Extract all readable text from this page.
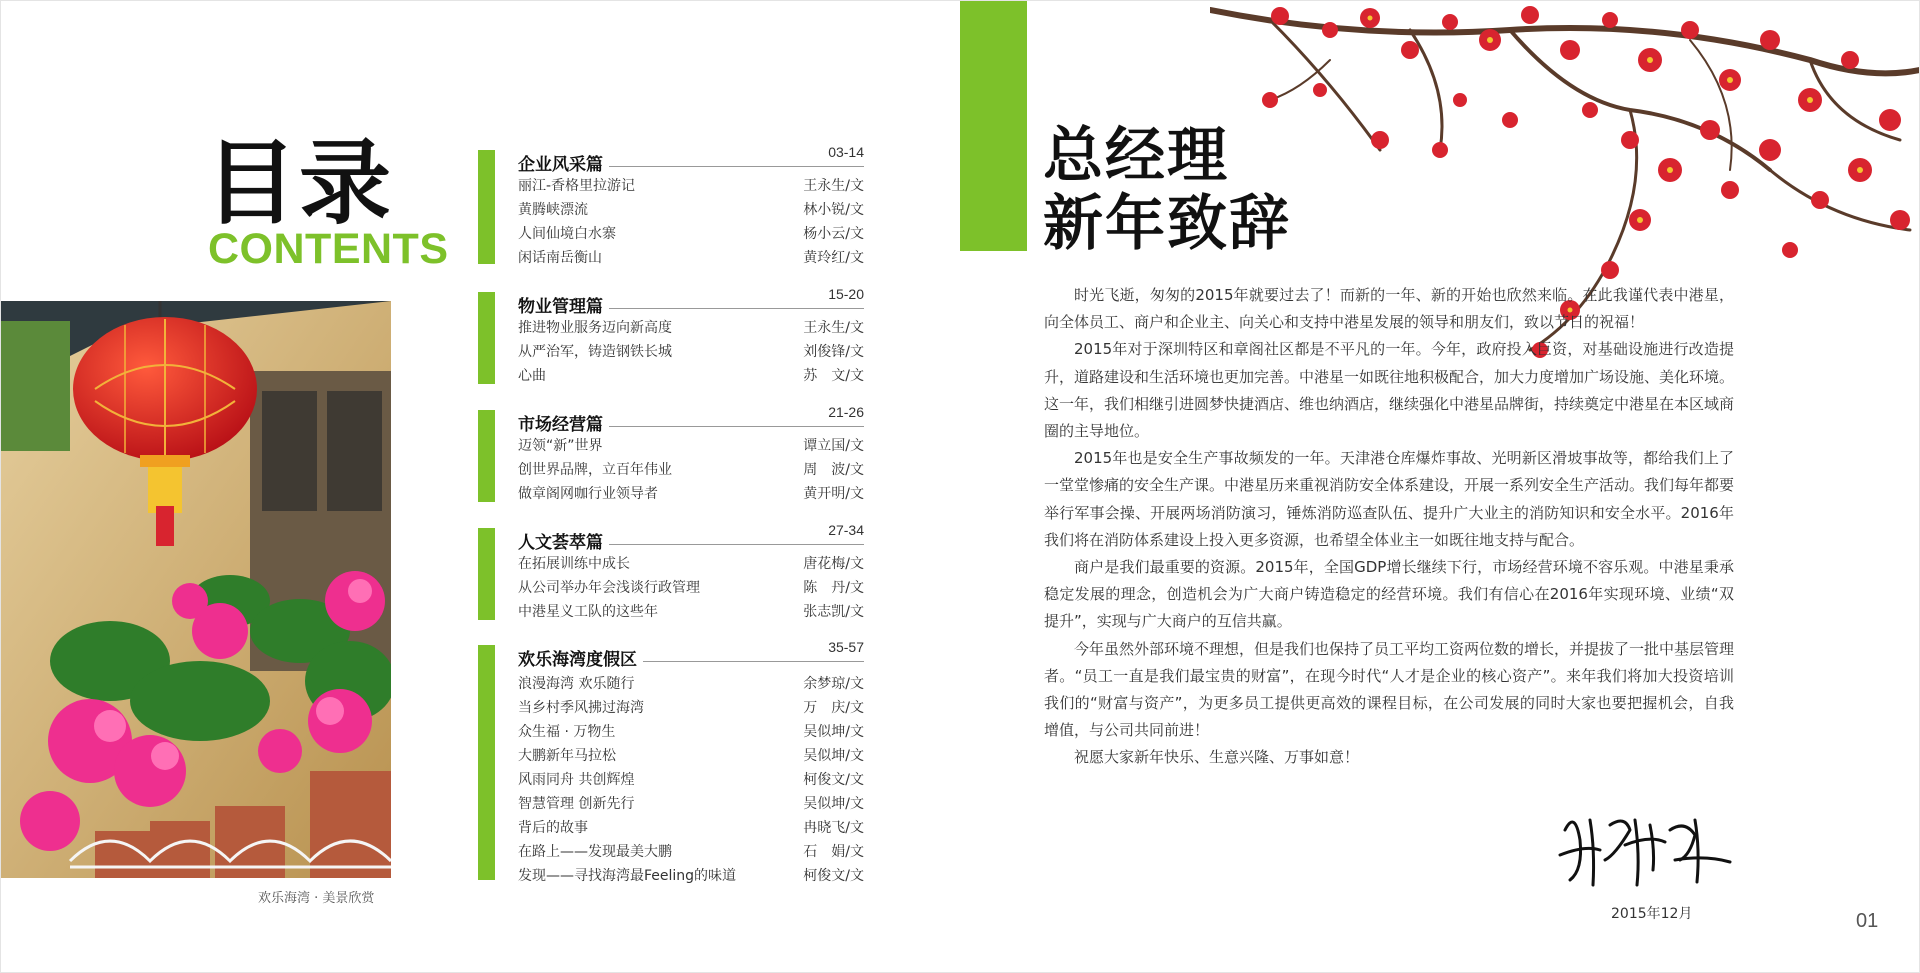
目录
CONTENTS
欢乐海湾 · 美景欣赏
企业风采篇
03-14
丽江-香格里拉游记	王永生/文
黄腾峡漂流	林小锐/文
人间仙境白水寨	杨小云/文
闲话南岳衡山	黄玲红/文
物业管理篇
15-20
推进物业服务迈向新高度	王永生/文
从严治军，铸造钢铁长城	刘俊锋/文
心曲	苏　文/文
市场经营篇
21-26
迈领“新”世界	谭立国/文
创世界品牌，立百年伟业	周　波/文
做章阁网咖行业领导者	黄开明/文
人文荟萃篇
27-34
在拓展训练中成长	唐花梅/文
从公司举办年会浅谈行政管理	陈　丹/文
中港星义工队的这些年	张志凯/文
欢乐海湾度假区
35-57
浪漫海湾 欢乐随行	余梦琼/文
当乡村季风拂过海湾	万　庆/文
众生福 · 万物生	吴似坤/文
大鹏新年马拉松	吴似坤/文
风雨同舟 共创辉煌	柯俊文/文
智慧管理 创新先行	吴似坤/文
背后的故事	冉晓飞/文
在路上——发现最美大鹏	石　娟/文
发现——寻找海湾最Feeling的味道	柯俊文/文
总经理
新年致辞

时光飞逝，匆匆的2015年就要过去了！而新的一年、新的开始也欣然来临。在此我谨代表中港星，向全体员工、商户和企业主、向关心和支持中港星发展的领导和朋友们，致以节日的祝福！

2015年对于深圳特区和章阁社区都是不平凡的一年。今年，政府投入巨资，对基础设施进行改造提升，道路建设和生活环境也更加完善。中港星一如既往地积极配合，加大力度增加广场设施、美化环境。这一年，我们相继引进圆梦快捷酒店、维也纳酒店，继续强化中港星品牌街，持续奠定中港星在本区域商圈的主导地位。

2015年也是安全生产事故频发的一年。天津港仓库爆炸事故、光明新区滑坡事故等，都给我们上了一堂堂惨痛的安全生产课。中港星历来重视消防安全体系建设，开展一系列安全生产活动。我们每年都要举行军事会操、开展两场消防演习，锤炼消防巡查队伍、提升广大业主的消防知识和安全水平。2016年我们将在消防体系建设上投入更多资源，也希望全体业主一如既往地支持与配合。

商户是我们最重要的资源。2015年，全国GDP增长继续下行，市场经营环境不容乐观。中港星秉承稳定发展的理念，创造机会为广大商户铸造稳定的经营环境。我们有信心在2016年实现环境、业绩“双提升”，实现与广大商户的互信共赢。

今年虽然外部环境不理想，但是我们也保持了员工平均工资两位数的增长，并提拔了一批中基层管理者。“员工一直是我们最宝贵的财富”，在现今时代“人才是企业的核心资产”。来年我们将加大投资培训我们的“财富与资产”，为更多员工提供更高效的课程目标，在公司发展的同时大家也要把握机会，自我增值，与公司共同前进！

祝愿大家新年快乐、生意兴隆、万事如意！

2015年12月	01
